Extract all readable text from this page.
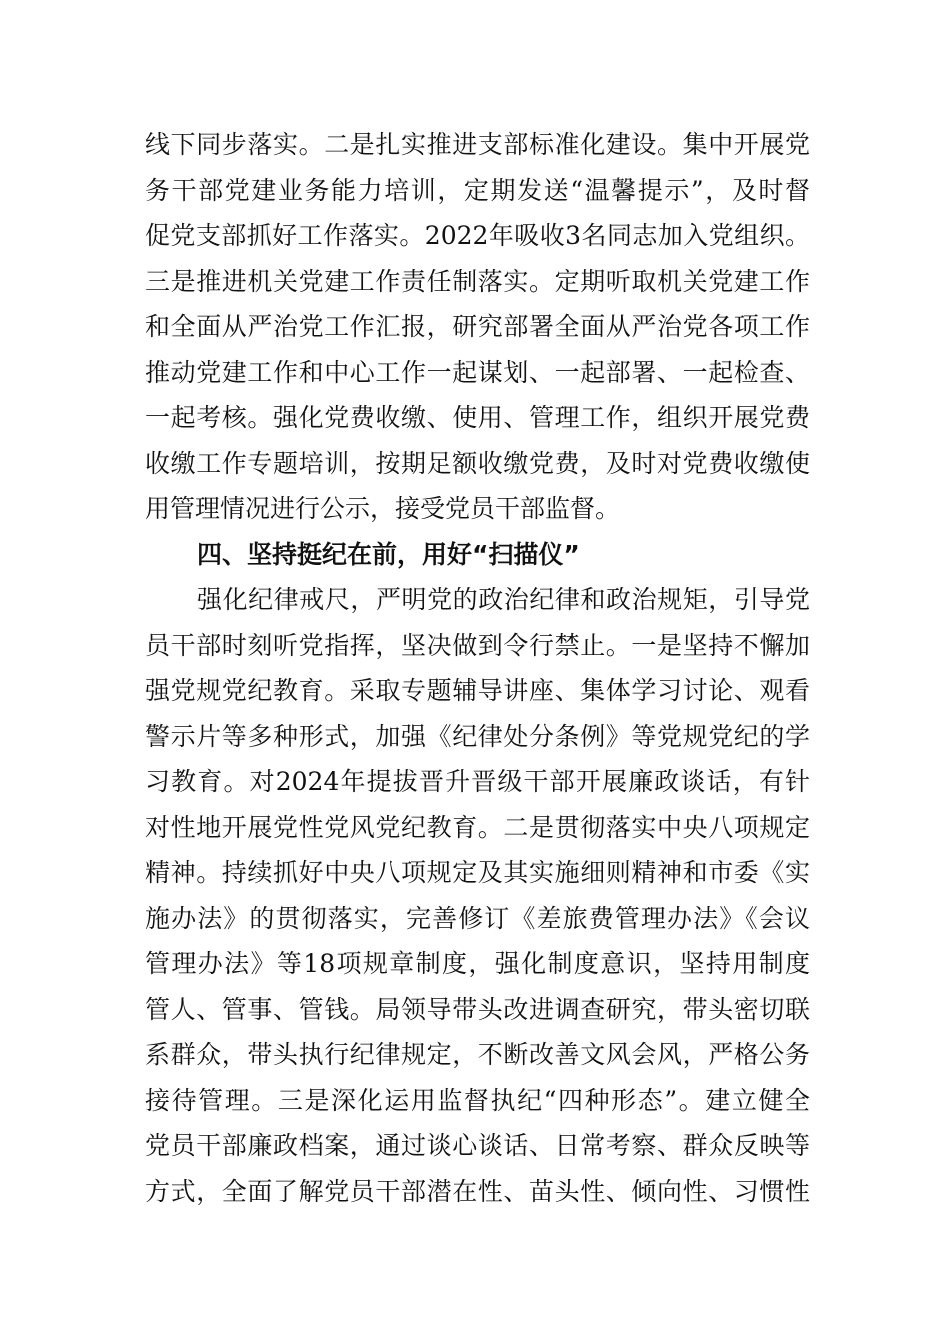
线下同步落实。二是扎实推进支部标准化建设。集中开展党
务干部党建业务能力培训，定期发送“温馨提示”，及时督
促党支部抓好工作落实。2022年吸收3名同志加入党组织。
三是推进机关党建工作责任制落实。定期听取机关党建工作
和全面从严治党工作汇报，研究部署全面从严治党各项工作
推动党建工作和中心工作一起谋划、一起部署、一起检查、
一起考核。强化党费收缴、使用、管理工作，组织开展党费
收缴工作专题培训，按期足额收缴党费，及时对党费收缴使
用管理情况进行公示，接受党员干部监督。
四、坚持挺纪在前，用好“扫描仪”
强化纪律戒尺，严明党的政治纪律和政治规矩，引导党
员干部时刻听党指挥，坚决做到令行禁止。一是坚持不懈加
强党规党纪教育。采取专题辅导讲座、集体学习讨论、观看
警示片等多种形式，加强《纪律处分条例》等党规党纪的学
习教育。对2024年提拔晋升晋级干部开展廉政谈话，有针
对性地开展党性党风党纪教育。二是贯彻落实中央八项规定
精神。持续抓好中央八项规定及其实施细则精神和市委《实
施办法》的贯彻落实，完善修订《差旅费管理办法》《会议
管理办法》等18项规章制度，强化制度意识，坚持用制度
管人、管事、管钱。局领导带头改进调查研究，带头密切联
系群众，带头执行纪律规定，不断改善文风会风，严格公务
接待管理。三是深化运用监督执纪“四种形态”。建立健全
党员干部廉政档案，通过谈心谈话、日常考察、群众反映等
方式，全面了解党员干部潜在性、苗头性、倾向性、习惯性
